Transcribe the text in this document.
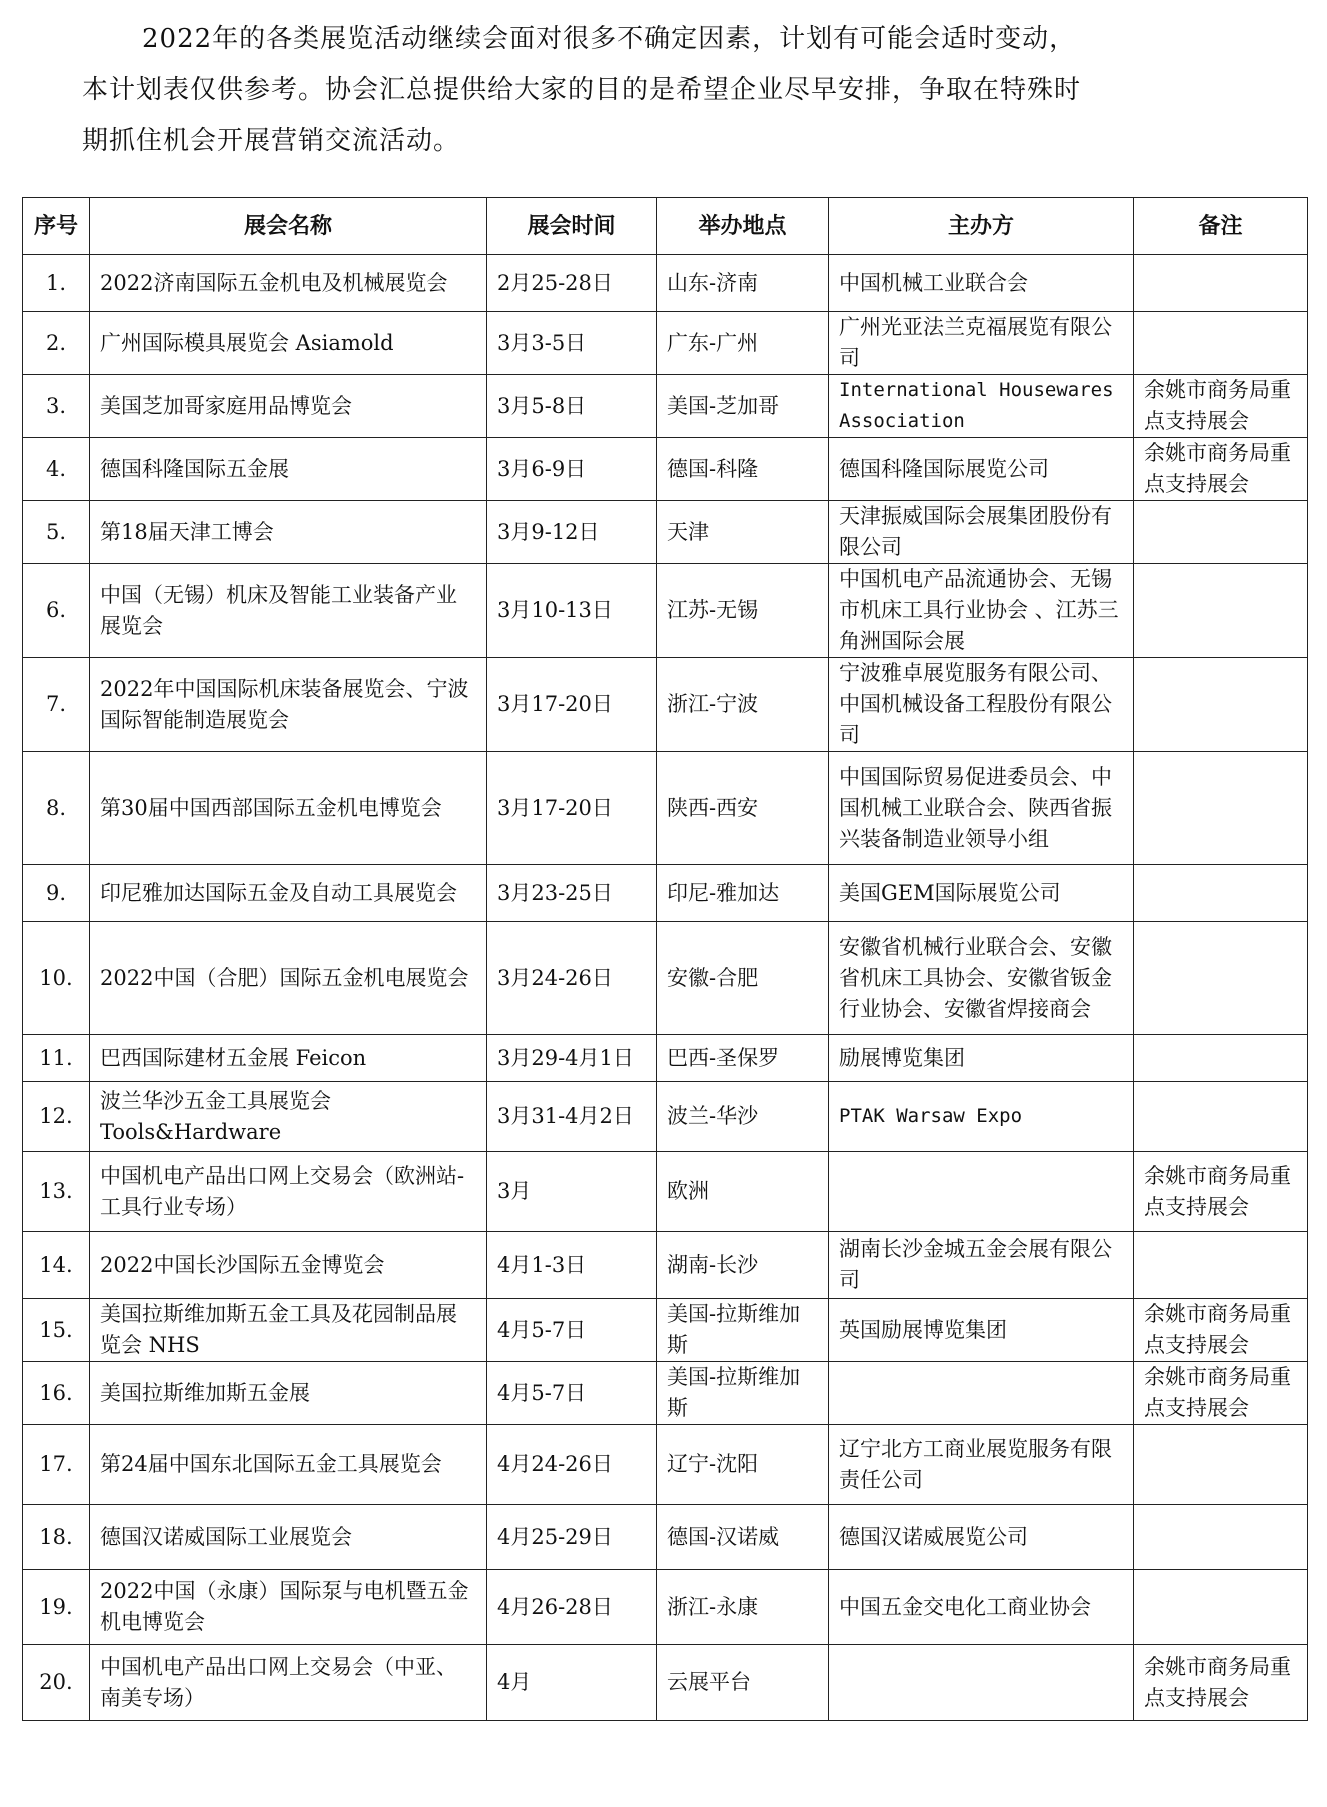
2022年的各类展览活动继续会面对很多不确定因素，计划有可能会适时变动，

本计划表仅供参考。协会汇总提供给大家的目的是希望企业尽早安排，争取在特殊时

期抓住机会开展营销交流活动。

序号	展会名称	展会时间	举办地点	主办方	备注
1.	2022济南国际五金机电及机械展览会	2月25-28日	山东-济南	中国机械工业联合会	
2.	广州国际模具展览会 Asiamold	3月3-5日	广东-广州	广州光亚法兰克福展览有限公司	
3.	美国芝加哥家庭用品博览会	3月5-8日	美国-芝加哥	International Housewares Association	余姚市商务局重点支持展会
4.	德国科隆国际五金展	3月6-9日	德国-科隆	德国科隆国际展览公司	余姚市商务局重点支持展会
5.	第18届天津工博会	3月9-12日	天津	天津振威国际会展集团股份有限公司	
6.	中国（无锡）机床及智能工业装备产业展览会	3月10-13日	江苏-无锡	中国机电产品流通协会、无锡市机床工具行业协会 、江苏三角洲国际会展	
7.	2022年中国国际机床装备展览会、宁波国际智能制造展览会	3月17-20日	浙江-宁波	宁波雅卓展览服务有限公司、中国机械设备工程股份有限公司	
8.	第30届中国西部国际五金机电博览会	3月17-20日	陕西-西安	中国国际贸易促进委员会、中国机械工业联合会、陕西省振兴装备制造业领导小组	
9.	印尼雅加达国际五金及自动工具展览会	3月23-25日	印尼-雅加达	美国GEM国际展览公司	
10.	2022中国（合肥）国际五金机电展览会	3月24-26日	安徽-合肥	安徽省机械行业联合会、安徽省机床工具协会、安徽省钣金行业协会、安徽省焊接商会	
11.	巴西国际建材五金展 Feicon	3月29-4月1日	巴西-圣保罗	励展博览集团	
12.	波兰华沙五金工具展览会 Tools&Hardware	3月31-4月2日	波兰-华沙	PTAK Warsaw Expo	
13.	中国机电产品出口网上交易会（欧洲站-工具行业专场）	3月	欧洲		余姚市商务局重点支持展会
14.	2022中国长沙国际五金博览会	4月1-3日	湖南-长沙	湖南长沙金城五金会展有限公司	
15.	美国拉斯维加斯五金工具及花园制品展览会 NHS	4月5-7日	美国-拉斯维加斯	英国励展博览集团	余姚市商务局重点支持展会
16.	美国拉斯维加斯五金展	4月5-7日	美国-拉斯维加斯		余姚市商务局重点支持展会
17.	第24届中国东北国际五金工具展览会	4月24-26日	辽宁-沈阳	辽宁北方工商业展览服务有限责任公司	
18.	德国汉诺威国际工业展览会	4月25-29日	德国-汉诺威	德国汉诺威展览公司	
19.	2022中国（永康）国际泵与电机暨五金机电博览会	4月26-28日	浙江-永康	中国五金交电化工商业协会	
20.	中国机电产品出口网上交易会（中亚、南美专场）	4月	云展平台		余姚市商务局重点支持展会
